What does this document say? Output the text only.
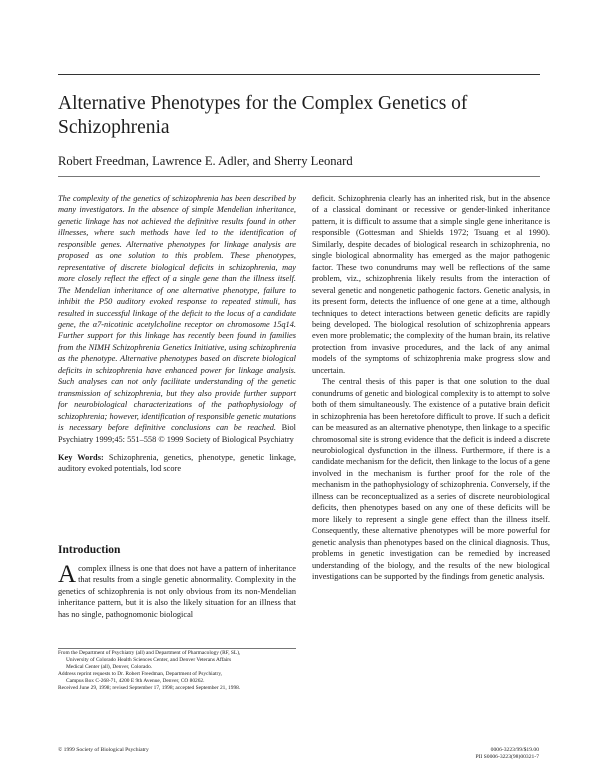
Alternative Phenotypes for the Complex Genetics of Schizophrenia

Robert Freedman, Lawrence E. Adler, and Sherry Leonard

The complexity of the genetics of schizophrenia has been described by many investigators. In the absence of simple Mendelian inheritance, genetic linkage has not achieved the definitive results found in other illnesses, where such methods have led to the identification of responsible genes. Alternative phenotypes for linkage analysis are proposed as one solution to this problem. These phenotypes, representative of discrete biological deficits in schizophrenia, may more closely reflect the effect of a single gene than the illness itself. The Mendelian inheritance of one alternative phenotype, failure to inhibit the P50 auditory evoked response to repeated stimuli, has resulted in successful linkage of the deficit to the locus of a candidate gene, the α7-nicotinic acetylcholine receptor on chromosome 15q14. Further support for this linkage has recently been found in families from the NIMH Schizophrenia Genetics Initiative, using schizophrenia as the phenotype. Alternative phenotypes based on discrete biological deficits in schizophrenia have enhanced power for linkage analysis. Such analyses can not only facilitate understanding of the genetic transmission of schizophrenia, but they also provide further support for neurobiological characterizations of the pathophysiology of schizophrenia; however, identification of responsible genetic mutations is necessary before definitive conclusions can be reached. Biol Psychiatry 1999;45: 551–558 © 1999 Society of Biological Psychiatry

Key Words: Schizophrenia, genetics, phenotype, genetic linkage, auditory evoked potentials, lod score

Introduction

Acomplex illness is one that does not have a pattern of inheritance that results from a single genetic abnormality. Complexity in the genetics of schizophrenia is not only obvious from its non-Mendelian inheritance pattern, but it is also the likely situation for an illness that has no single, pathognomonic biological

From the Department of Psychiatry (all) and Department of Pharmacology (RF, SL),

University of Colorado Health Sciences Center, and Denver Veterans Affairs

Medical Center (all), Denver, Colorado.

Address reprint requests to Dr. Robert Freedman, Department of Psychiatry,

Campus Box C-268-71, 4200 E 9th Avenue, Denver, CO 80262.

Received June 29, 1998; revised September 17, 1998; accepted September 21, 1998.

deficit. Schizophrenia clearly has an inherited risk, but in the absence of a classical dominant or recessive or gender-linked inheritance pattern, it is difficult to assume that a simple single gene inheritance is responsible (Gottesman and Shields 1972; Tsuang et al 1990). Similarly, despite decades of biological research in schizophrenia, no single biological abnormality has emerged as the major pathogenic factor. These two conundrums may well be reflections of the same problem, viz., schizophrenia likely results from the interaction of several genetic and nongenetic pathogenic factors. Genetic analysis, in its present form, detects the influence of one gene at a time, although techniques to detect interactions between genetic deficits are rapidly being developed. The biological resolution of schizophrenia appears even more problematic; the complexity of the human brain, its relative protection from invasive procedures, and the lack of any animal models of the symptoms of schizophrenia make progress slow and uncertain.

The central thesis of this paper is that one solution to the dual conundrums of genetic and biological complexity is to attempt to solve both of them simultaneously. The existence of a putative brain deficit in schizophrenia has been heretofore difficult to prove. If such a deficit can be measured as an alternative phenotype, then linkage to a specific chromosomal site is strong evidence that the deficit is indeed a discrete neurobiological dysfunction in the illness. Furthermore, if there is a candidate mechanism for the deficit, then linkage to the locus of a gene involved in the mechanism is further proof for the role of the mechanism in the pathophysiology of schizophrenia. Conversely, if the illness can be reconceptualized as a series of discrete neurobiological deficits, then phenotypes based on any one of these deficits will be more likely to represent a single gene effect than the illness itself. Consequently, these alternative phenotypes will be more powerful for genetic analysis than phenotypes based on the clinical diagnosis. Thus, problems in genetic investigation can be remedied by increased understanding of the biology, and the results of the new biological investigations can be supported by the findings from genetic analysis.

© 1999 Society of Biological Psychiatry	0006-3223/99/$19.00

PII S0006-3223(98)00321-7
